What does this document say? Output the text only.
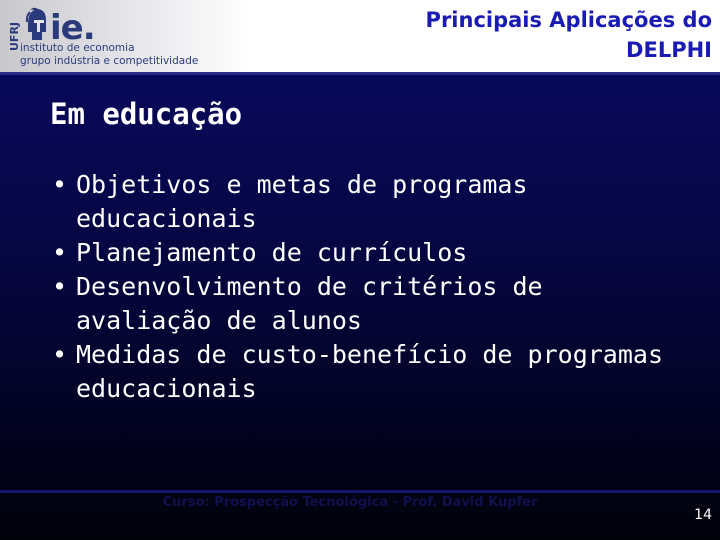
UFRJ ie.
instituto de economia
grupo indústria e competitividade
Principais Aplicações do
DELPHI
Em educação
• Objetivos e metas de programas educacionais
• Planejamento de currículos
• Desenvolvimento de critérios de avaliação de alunos
• Medidas de custo-benefício de programas educacionais
Curso: Prospecção Tecnológica - Prof. David Kupfer
14
